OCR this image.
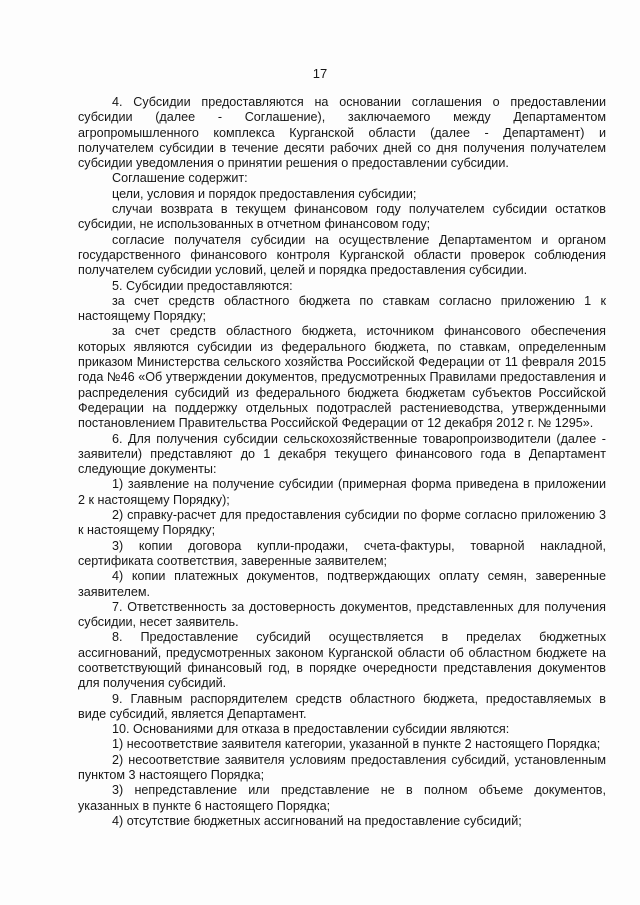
17

4. Субсидии предоставляются на основании соглашения о предоставлении субсидии (далее - Соглашение), заключаемого между Департаментом агропромышленного комплекса Курганской области (далее - Департамент) и получателем субсидии в течение десяти рабочих дней со дня получения получателем субсидии уведомления о принятии решения о предоставлении субсидии.

Соглашение содержит:

цели, условия и порядок предоставления субсидии;

случаи возврата в текущем финансовом году получателем субсидии остатков субсидии, не использованных в отчетном финансовом году;

согласие получателя субсидии на осуществление Департаментом и органом государственного финансового контроля Курганской области проверок соблюдения получателем субсидии условий, целей и порядка предоставления субсидии.

5. Субсидии предоставляются:

за счет средств областного бюджета по ставкам согласно приложению 1 к настоящему Порядку;

за счет средств областного бюджета, источником финансового обеспечения которых являются субсидии из федерального бюджета, по ставкам, определенным приказом Министерства сельского хозяйства Российской Федерации от 11 февраля 2015 года №46 «Об утверждении документов, предусмотренных Правилами предоставления и распределения субсидий из федерального бюджета бюджетам субъектов Российской Федерации на поддержку отдельных подотраслей растениеводства, утвержденными постановлением Правительства Российской Федерации от 12 декабря 2012 г. № 1295».

6. Для получения субсидии сельскохозяйственные товаропроизводители (далее - заявители) представляют до 1 декабря текущего финансового года в Департамент следующие документы:

1) заявление на получение субсидии (примерная форма приведена в приложении 2 к настоящему Порядку);

2) справку-расчет для предоставления субсидии по форме согласно приложению 3 к настоящему Порядку;

3) копии договора купли-продажи, счета-фактуры, товарной накладной, сертификата соответствия, заверенные заявителем;

4) копии платежных документов, подтверждающих оплату семян, заверенные заявителем.

7. Ответственность за достоверность документов, представленных для получения субсидии, несет заявитель.

8. Предоставление субсидий осуществляется в пределах бюджетных ассигнований, предусмотренных законом Курганской области об областном бюджете на соответствующий финансовый год, в порядке очередности представления документов для получения субсидий.

9. Главным распорядителем средств областного бюджета, предоставляемых в виде субсидий, является Департамент.

10. Основаниями для отказа в предоставлении субсидии являются:

1) несоответствие заявителя категории, указанной в пункте 2 настоящего Порядка;

2) несоответствие заявителя условиям предоставления субсидий, установленным пунктом 3 настоящего Порядка;

3) непредставление или представление не в полном объеме документов, указанных в пункте 6 настоящего Порядка;

4) отсутствие бюджетных ассигнований на предоставление субсидий;
